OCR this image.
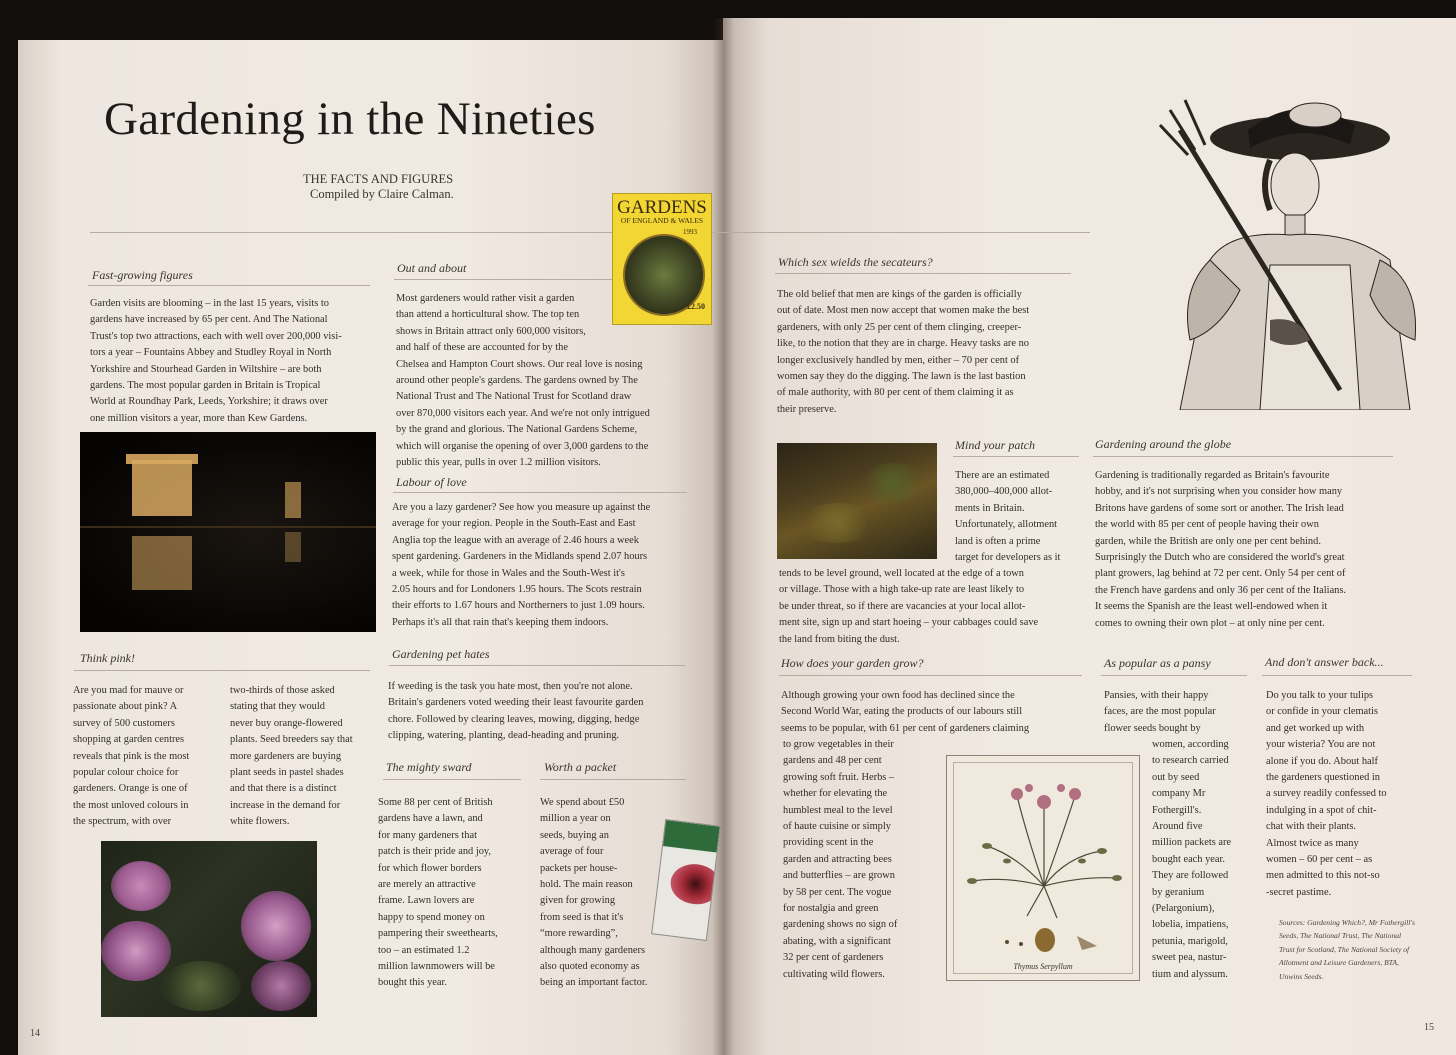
Gardening in the Nineties
THE FACTS AND FIGURES
Compiled by Claire Calman.
Fast-growing figures
Garden visits are blooming – in the last 15 years, visits to
gardens have increased by 65 per cent. And The National
Trust's top two attractions, each with well over 200,000 visi-
tors a year – Fountains Abbey and Studley Royal in North
Yorkshire and Stourhead Garden in Wiltshire – are both
gardens. The most popular garden in Britain is Tropical
World at Roundhay Park, Leeds, Yorkshire; it draws over
one million visitors a year, more than Kew Gardens.
Out and about
Most gardeners would rather visit a garden
than attend a horticultural show. The top ten
shows in Britain attract only 600,000 visitors,
and half of these are accounted for by the
Chelsea and Hampton Court shows. Our real love is nosing
around other people's gardens. The gardens owned by The
National Trust and The National Trust for Scotland draw
over 870,000 visitors each year. And we're not only intrigued
by the grand and glorious. The National Gardens Scheme,
which will organise the opening of over 3,000 gardens to the
public this year, pulls in over 1.2 million visitors.
GARDENS
OF ENGLAND & WALES
1993
£2.50
Labour of love
Are you a lazy gardener? See how you measure up against the
average for your region. People in the South-East and East
Anglia top the league with an average of 2.46 hours a week
spent gardening. Gardeners in the Midlands spend 2.07 hours
a week, while for those in Wales and the South-West it's
2.05 hours and for Londoners 1.95 hours. The Scots restrain
their efforts to 1.67 hours and Northerners to just 1.09 hours.
Perhaps it's all that rain that's keeping them indoors.
Think pink!
Are you mad for mauve or
passionate about pink? A
survey of 500 customers
shopping at garden centres
reveals that pink is the most
popular colour choice for
gardeners. Orange is one of
the most unloved colours in
the spectrum, with over
two-thirds of those asked
stating that they would
never buy orange-flowered
plants. Seed breeders say that
more gardeners are buying
plant seeds in pastel shades
and that there is a distinct
increase in the demand for
white flowers.
Gardening pet hates
If weeding is the task you hate most, then you're not alone.
Britain's gardeners voted weeding their least favourite garden
chore. Followed by clearing leaves, mowing, digging, hedge
clipping, watering, planting, dead-heading and pruning.
The mighty sward
Some 88 per cent of British
gardens have a lawn, and
for many gardeners that
patch is their pride and joy,
for which flower borders
are merely an attractive
frame. Lawn lovers are
happy to spend money on
pampering their sweethearts,
too – an estimated 1.2
million lawnmowers will be
bought this year.
Worth a packet
We spend about £50
million a year on
seeds, buying an
average of four
packets per house-
hold. The main reason
given for growing
from seed is that it's
“more rewarding”,
although many gardeners
also quoted economy as
being an important factor.
14
Which sex wields the secateurs?
The old belief that men are kings of the garden is officially
out of date. Most men now accept that women make the best
gardeners, with only 25 per cent of them clinging, creeper-
like, to the notion that they are in charge. Heavy tasks are no
longer exclusively handled by men, either – 70 per cent of
women say they do the digging. The lawn is the last bastion
of male authority, with 80 per cent of them claiming it as
their preserve.
Mind your patch
There are an estimated
380,000–400,000 allot-
ments in Britain.
Unfortunately, allotment
land is often a prime
target for developers as it
tends to be level ground, well located at the edge of a town
or village. Those with a high take-up rate are least likely to
be under threat, so if there are vacancies at your local allot-
ment site, sign up and start hoeing – your cabbages could save
the land from biting the dust.
Gardening around the globe
Gardening is traditionally regarded as Britain's favourite
hobby, and it's not surprising when you consider how many
Britons have gardens of some sort or another. The Irish lead
the world with 85 per cent of people having their own
garden, while the British are only one per cent behind.
Surprisingly the Dutch who are considered the world's great
plant growers, lag behind at 72 per cent. Only 54 per cent of
the French have gardens and only 36 per cent of the Italians.
It seems the Spanish are the least well-endowed when it
comes to owning their own plot – at only nine per cent.
How does your garden grow?
Although growing your own food has declined since the
Second World War, eating the products of our labours still
seems to be popular, with 61 per cent of gardeners claiming
to grow vegetables in their
gardens and 48 per cent
growing soft fruit. Herbs –
whether for elevating the
humblest meal to the level
of haute cuisine or simply
providing scent in the
garden and attracting bees
and butterflies – are grown
by 58 per cent. The vogue
for nostalgia and green
gardening shows no sign of
abating, with a significant
32 per cent of gardeners
cultivating wild flowers.
Thymus Serpyllum
As popular as a pansy
Pansies, with their happy
faces, are the most popular
flower seeds bought by
women, according
to research carried
out by seed
company Mr
Fothergill's.
Around five
million packets are
bought each year.
They are followed
by geranium
(Pelargonium),
lobelia, impatiens,
petunia, marigold,
sweet pea, nastur-
tium and alyssum.
And don't answer back...
Do you talk to your tulips
or confide in your clematis
and get worked up with
your wisteria? You are not
alone if you do. About half
the gardeners questioned in
a survey readily confessed to
indulging in a spot of chit-
chat with their plants.
Almost twice as many
women – 60 per cent – as
men admitted to this not-so
-secret pastime.
Sources: Gardening Which?, Mr Fothergill's
Seeds, The National Trust, The National
Trust for Scotland, The National Society of
Allotment and Leisure Gardeners, BTA,
Unwins Seeds.
15
